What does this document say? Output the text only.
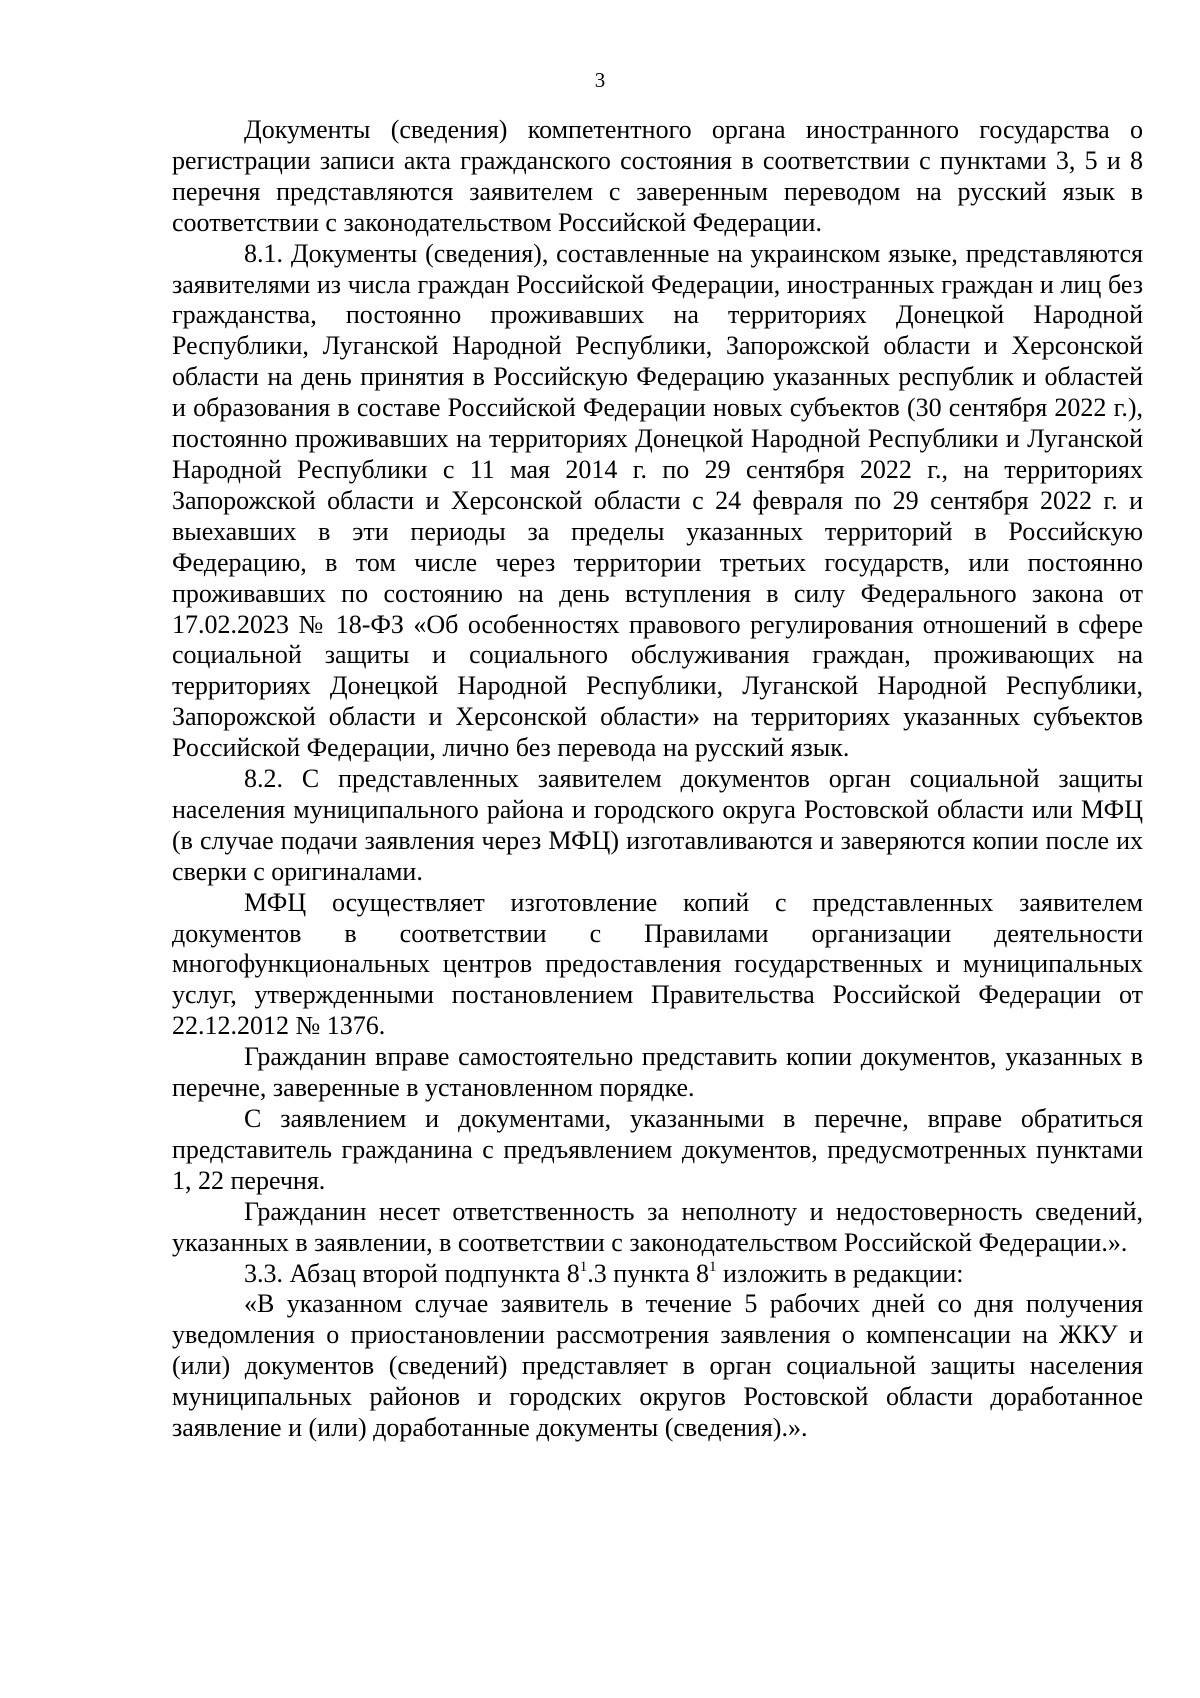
3

Документы (сведения) компетентного органа иностранного государства о регистрации записи акта гражданского состояния в соответствии с пунктами 3, 5 и 8 перечня представляются заявителем с заверенным переводом на русский язык в соответствии с законодательством Российской Федерации.

8.1. Документы (сведения), составленные на украинском языке, представляются заявителями из числа граждан Российской Федерации, иностранных граждан и лиц без гражданства, постоянно проживавших на территориях Донецкой Народной Республики, Луганской Народной Республики, Запорожской области и Херсонской области на день принятия в Российскую Федерацию указанных республик и областей и образования в составе Российской Федерации новых субъектов (30 сентября 2022 г.), постоянно проживавших на территориях Донецкой Народной Республики и Луганской Народной Республики с 11 мая 2014 г. по 29 сентября 2022 г., на территориях Запорожской области и Херсонской области с 24 февраля по 29 сентября 2022 г. и выехавших в эти периоды за пределы указанных территорий в Российскую Федерацию, в том числе через территории третьих государств, или постоянно проживавших по состоянию на день вступления в силу Федерального закона от 17.02.2023 № 18-ФЗ «Об особенностях правового регулирования отношений в сфере социальной защиты и социального обслуживания граждан, проживающих на территориях Донецкой Народной Республики, Луганской Народной Республики, Запорожской области и Херсонской области» на территориях указанных субъектов Российской Федерации, лично без перевода на русский язык.

8.2. С представленных заявителем документов орган социальной защиты населения муниципального района и городского округа Ростовской области или МФЦ (в случае подачи заявления через МФЦ) изготавливаются и заверяются копии после их сверки с оригиналами.

МФЦ осуществляет изготовление копий с представленных заявителем документов в соответствии с Правилами организации деятельности многофункциональных центров предоставления государственных и муниципальных услуг, утвержденными постановлением Правительства Российской Федерации от 22.12.2012 № 1376.

Гражданин вправе самостоятельно представить копии документов, указанных в перечне, заверенные в установленном порядке.

С заявлением и документами, указанными в перечне, вправе обратиться представитель гражданина с предъявлением документов, предусмотренных пунктами 1, 22 перечня.

Гражданин несет ответственность за неполноту и недостоверность сведений, указанных в заявлении, в соответствии с законодательством Российской Федерации.».

3.3. Абзац второй подпункта $8^1.3$ пункта $8^1$ изложить в редакции:

«В указанном случае заявитель в течение 5 рабочих дней со дня получения уведомления о приостановлении рассмотрения заявления о компенсации на ЖКУ и (или) документов (сведений) представляет в орган социальной защиты населения муниципальных районов и городских округов Ростовской области доработанное заявление и (или) доработанные документы (сведения).».
